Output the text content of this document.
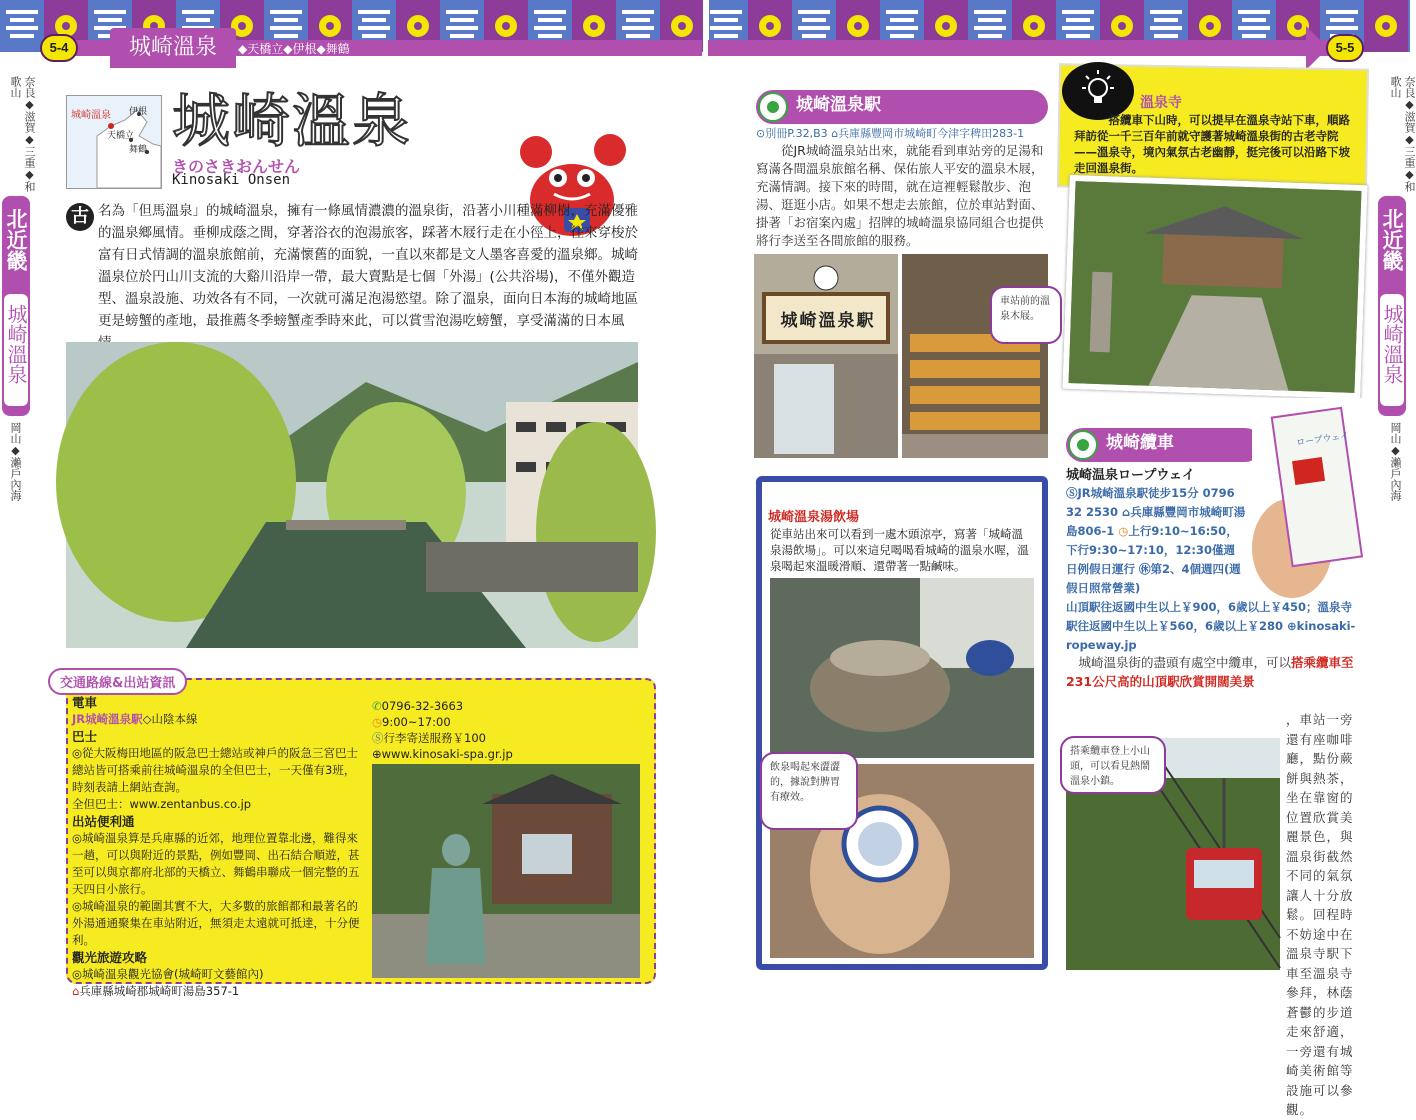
5-4	5-5
城崎溫泉	◆天橋立◆伊根◆舞鶴
奈良◆滋賀◆三重◆和歌山
北近畿
城崎溫泉
岡山◆瀨戶內海
奈良◆滋賀◆三重◆和歌山
北近畿
城崎溫泉
岡山◆瀨戶內海
城崎溫泉 伊根
天橋立
舞鶴 城崎溫泉
きのさきおんせん
Kinosaki Onsen
古 名為「但馬溫泉」的城崎溫泉，擁有一條風情濃濃的溫泉街，沿著小川種滿柳樹，充滿優雅的溫泉鄉風情。垂柳成蔭之間，穿著浴衣的泡湯旅客，踩著木屐行走在小徑上，往來穿梭於富有日式情調的溫泉旅館前，充滿懷舊的面貌，一直以來都是文人墨客喜愛的溫泉鄉。城崎溫泉位於円山川支流的大谿川沿岸一帶，最大賣點是七個「外湯」(公共浴場)，不僅外觀造型、溫泉設施、功效各有不同，一次就可滿足泡湯慾望。除了溫泉，面向日本海的城崎地區更是螃蟹的產地，最推薦冬季螃蟹產季時來此，可以賞雪泡湯吃螃蟹，享受滿滿的日本風
交通路線&出站資訊
電車
JR城崎溫泉駅◇山陰本線
巴士
◎從大阪梅田地區的阪急巴士總站或神戶的阪急三宮巴士總站皆可搭乘前往城崎溫泉的全但巴士，一天僅有3班，時刻表請上網站查詢。
全但巴士：www.zentanbus.co.jp
出站便利通
◎城崎溫泉算是兵庫縣的近郊，地理位置靠北邊，難得來一趟，可以與附近的景點，例如豐岡、出石結合順遊，甚至可以與京都府北部的天橋立、舞鶴串聯成一個完整的五天四日小旅行。
◎城崎溫泉的範圍其實不大，大多數的旅館都和最著名的外湯通通聚集在車站附近，無須走太遠就可抵達，十分便利。
觀光旅遊攻略
◎城崎溫泉觀光協會(城崎町文藝館內)
⌂兵庫縣城崎郡城崎町湯島357-1
✆0796-32-3663
◷9:00~17:00
Ⓢ行李寄送服務￥100
⊕www.kinosaki-spa.gr.jp
城崎溫泉駅
⊙別冊P.32,B3 ⌂兵庫縣豐岡市城崎町今津字稗田283-1
從JR城崎溫泉站出來，就能看到車站旁的足湯和寫滿各間溫泉旅館名稱、保佑旅人平安的溫泉木屐，充滿情調。接下來的時間，就在這裡輕鬆散步、泡湯、逛逛小店。如果不想走去旅館，位於車站對面、掛著「お宿案內處」招牌的城崎溫泉協同組合也提供將行李送至各間旅館的服務。
城崎溫泉駅
車站前的溫泉木屐。
城崎溫泉湯飲場
從車站出來可以看到一處木頭涼亭，寫著「城崎溫泉湯飲場」。可以來這兒喝喝看城崎的溫泉水喔，溫泉喝起來溫暖滑順、還帶著一點鹹味。
飲泉喝起來澀澀的，據說對脾胃有療效。
溫泉寺
搭纜車下山時，可以提早在溫泉寺站下車，順路拜訪從一千三百年前就守護著城崎溫泉街的古老寺院——溫泉寺，境內氣氛古老幽靜，挺完後可以沿路下坡走回溫泉街。
城崎纜車
城崎温泉ロープウェイ
ⓈJR城崎溫泉駅徒步15分 0796 32 2530 ⌂兵庫縣豐岡市城崎町湯島806-1 ◷上行9:10~16:50，下行9:30~17:10，12:30僅週日例假日運行 ㊡第2、4個週四(週假日照常營業)
山頂駅往返國中生以上￥900，6歲以上￥450；溫泉寺駅往返國中生以上￥560，6歲以上￥280 ⊕kinosaki-ropeway.jp
ロープウェイ
城崎溫泉街的盡頭有處空中纜車，可以搭乘纜車至231公尺高的山頂駅欣賞開闊美景
，車站一旁還有座咖啡廳，點份蕨餅與熱茶，坐在靠窗的位置欣賞美麗景色，與溫泉街截然不同的氣氛讓人十分放鬆。回程時不妨途中在溫泉寺駅下車至溫泉寺參拜，林蔭蒼鬱的步道走來舒適，一旁還有城崎美術館等設施可以參觀。
搭乘纜車登上小山頭，可以看見熱鬧溫泉小鎮。
